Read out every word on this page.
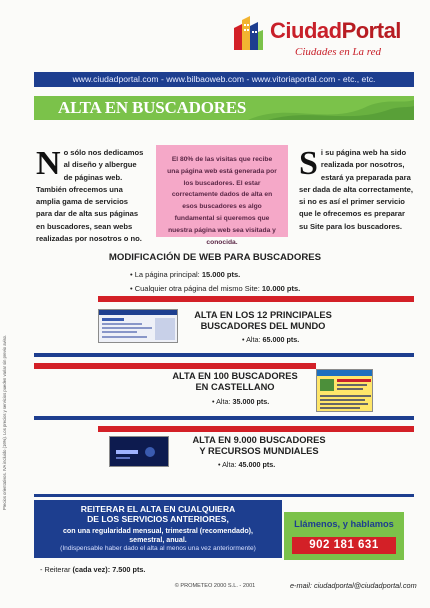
CiudadPortal
Ciudades en La red
www.ciudadportal.com - www.bilbaoweb.com - www.vitoriaportal.com - etc., etc.
ALTA EN BUSCADORES
No sólo nos dedicamos al diseño y albergue de páginas web. También ofrecemos una amplia gama de servicios para dar de alta sus páginas en buscadores, sean webs realizadas por nosotros o no.
El 80% de las visitas que recibe una página web está generada por los buscadores. El estar correctamente dados de alta en esos buscadores es algo fundamental si queremos que nuestra página web sea visitada y conocida.
Si su página web ha sido realizada por nosotros, estará ya preparada para ser dada de alta correctamente, si no es así el primer servicio que le ofrecemos es preparar su Site para los buscadores.
MODIFICACIÓN DE WEB PARA BUSCADORES
• La página principal: 15.000 pts.
• Cualquier otra página del mismo Site: 10.000 pts.
ALTA EN LOS 12 PRINCIPALES
BUSCADORES DEL MUNDO
• Alta: 65.000 pts.
ALTA EN 100 BUSCADORES
EN CASTELLANO
• Alta: 35.000 pts.
ALTA EN 9.000 BUSCADORES
Y RECURSOS MUNDIALES
• Alta: 45.000 pts.
REITERAR EL ALTA EN CUALQUIERA
DE LOS SERVICIOS ANTERIORES,
con una regularidad mensual, trimestral (recomendado),
semestral, anual.
(Indispensable haber dado el alta al menos una vez anteriormente)
Llámenos, y hablamos
902 181 631
- Reiterar (cada vez): 7.500 pts.
© PROMETEO 2000 S.L. - 2001	e-mail: ciudadportal@ciudadportal.com
Precios orientativos. IVA incluido (16%). Los precios y servicios pueden variar sin previo aviso.
